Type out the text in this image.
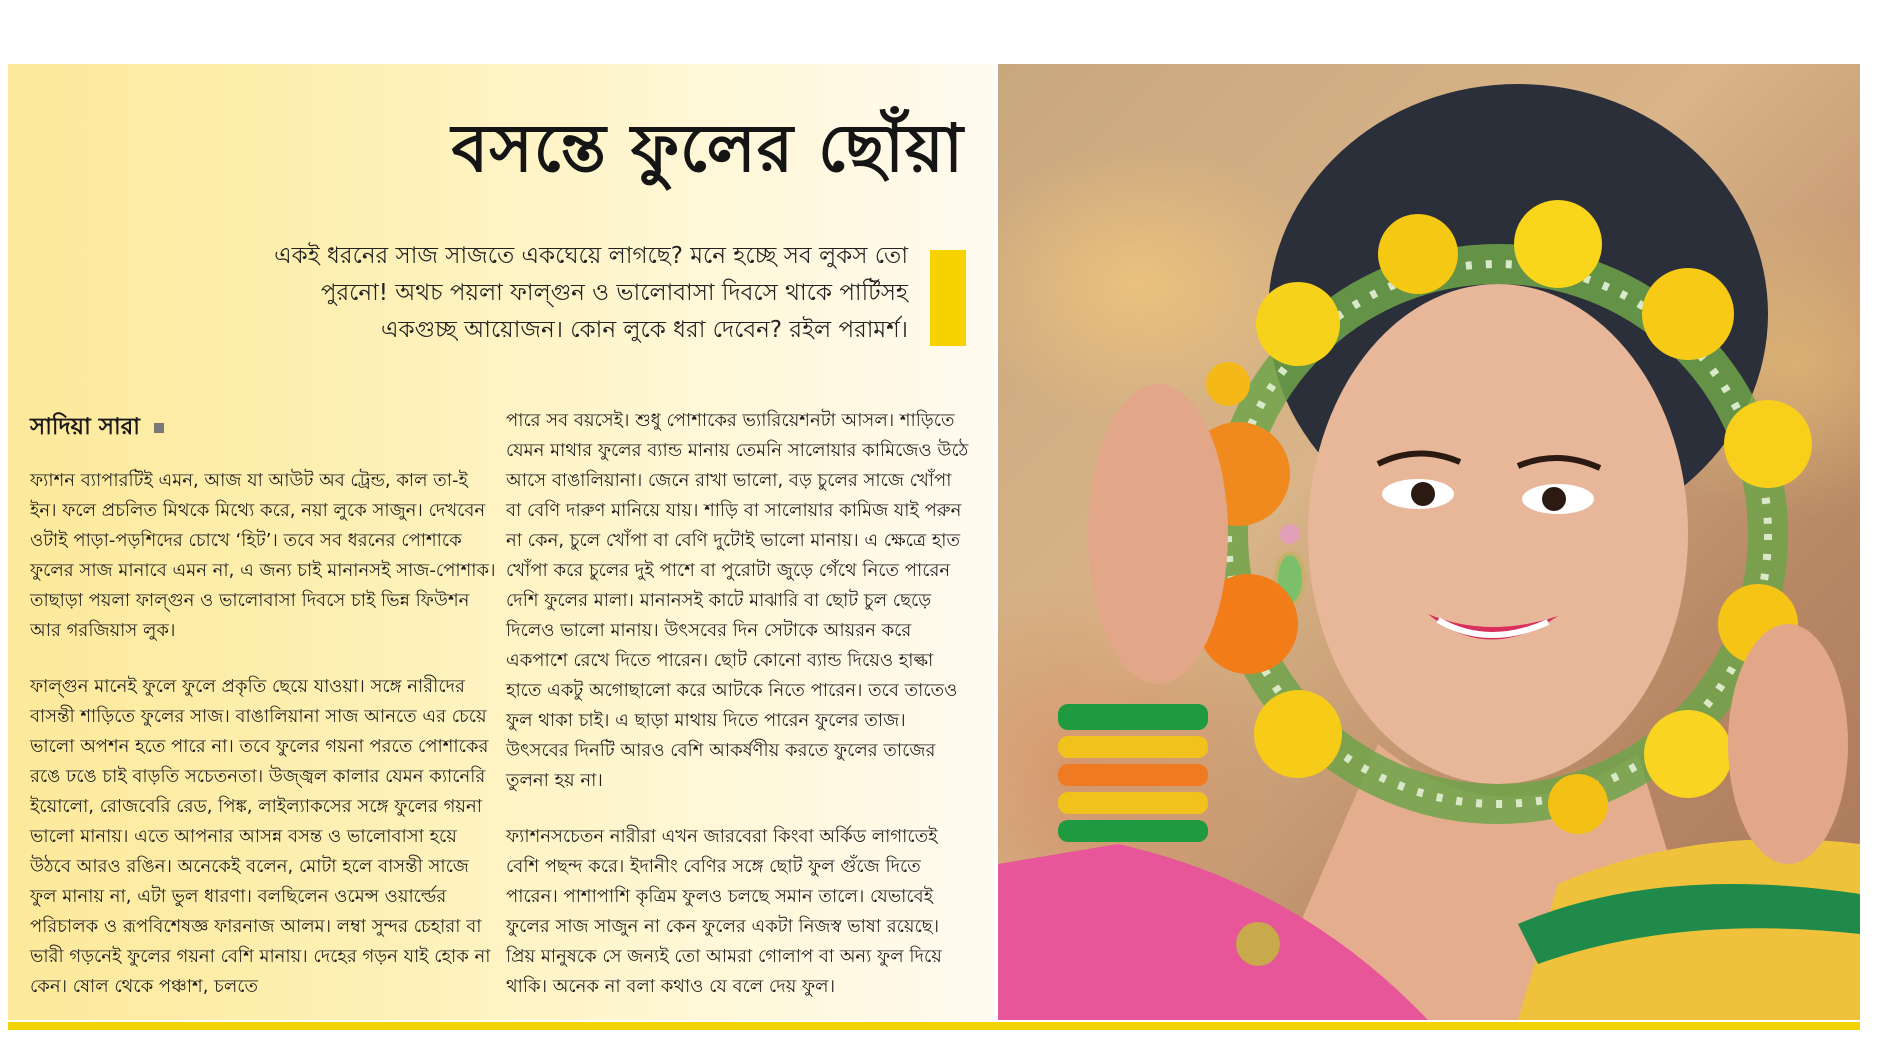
বসন্তে ফুলের ছোঁয়া

একই ধরনের সাজ সাজতে একঘেয়ে লাগছে? মনে হচ্ছে সব লুকস তো পুরনো! অথচ পয়লা ফাল্গুন ও ভালোবাসা দিবসে থাকে পার্টিসহ একগুচ্ছ আয়োজন। কোন লুকে ধরা দেবেন? রইল পরামর্শ।

সাদিয়া সারা

ফ্যাশন ব্যাপারটিই এমন, আজ যা আউট অব ট্রেন্ড, কাল তা-ই ইন। ফলে প্রচলিত মিথকে মিথ্যে করে, নয়া লুকে সাজুন। দেখবেন ওটাই পাড়া-পড়শিদের চোখে ‘হিট’। তবে সব ধরনের পোশাকে ফুলের সাজ মানাবে এমন না, এ জন্য চাই মানানসই সাজ-পোশাক। তাছাড়া পয়লা ফাল্গুন ও ভালোবাসা দিবসে চাই ভিন্ন ফিউশন আর গরজিয়াস লুক।

ফাল্গুন মানেই ফুলে ফুলে প্রকৃতি ছেয়ে যাওয়া। সঙ্গে নারীদের বাসন্তী শাড়িতে ফুলের সাজ। বাঙালিয়ানা সাজ আনতে এর চেয়ে ভালো অপশন হতে পারে না। তবে ফুলের গয়না পরতে পোশাকের রঙে ঢঙে চাই বাড়তি সচেতনতা। উজ্জ্বল কালার যেমন ক্যানেরি ইয়োলো, রোজবেরি রেড, পিঙ্ক, লাইল্যাকসের সঙ্গে ফুলের গয়না ভালো মানায়। এতে আপনার আসন্ন বসন্ত ও ভালোবাসা হয়ে উঠবে আরও রঙিন। অনেকেই বলেন, মোটা হলে বাসন্তী সাজে ফুল মানায় না, এটা ভুল ধারণা। বলছিলেন ওমেন্স ওয়ার্ল্ডের পরিচালক ও রূপবিশেষজ্ঞ ফারনাজ আলম। লম্বা সুন্দর চেহারা বা ভারী গড়নেই ফুলের গয়না বেশি মানায়। দেহের গড়ন যাই হোক না কেন। ষোল থেকে পঞ্চাশ, চলতে

পারে সব বয়সেই। শুধু পোশাকের ভ্যারিয়েশনটা আসল। শাড়িতে যেমন মাথার ফুলের ব্যান্ড মানায় তেমনি সালোয়ার কামিজেও উঠে আসে বাঙালিয়ানা। জেনে রাখা ভালো, বড় চুলের সাজে খোঁপা বা বেণি দারুণ মানিয়ে যায়। শাড়ি বা সালোয়ার কামিজ যাই পরুন না কেন, চুলে খোঁপা বা বেণি দুটোই ভালো মানায়। এ ক্ষেত্রে হাত খোঁপা করে চুলের দুই পাশে বা পুরোটা জুড়ে গেঁথে নিতে পারেন দেশি ফুলের মালা। মানানসই কাটে মাঝারি বা ছোট চুল ছেড়ে দিলেও ভালো মানায়। উৎসবের দিন সেটাকে আয়রন করে একপাশে রেখে দিতে পারেন। ছোট কোনো ব্যান্ড দিয়েও হাল্কা হাতে একটু অগোছালো করে আটকে নিতে পারেন। তবে তাতেও ফুল থাকা চাই। এ ছাড়া মাথায় দিতে পারেন ফুলের তাজ। উৎসবের দিনটি আরও বেশি আকর্ষণীয় করতে ফুলের তাজের তুলনা হয় না।

ফ্যাশনসচেতন নারীরা এখন জারবেরা কিংবা অর্কিড লাগাতেই বেশি পছন্দ করে। ইদানীং বেণির সঙ্গে ছোট ফুল গুঁজে দিতে পারেন। পাশাপাশি কৃত্রিম ফুলও চলছে সমান তালে। যেভাবেই ফুলের সাজ সাজুন না কেন ফুলের একটা নিজস্ব ভাষা রয়েছে। প্রিয় মানুষকে সে জন্যই তো আমরা গোলাপ বা অন্য ফুল দিয়ে থাকি। অনেক না বলা কথাও যে বলে দেয় ফুল।
